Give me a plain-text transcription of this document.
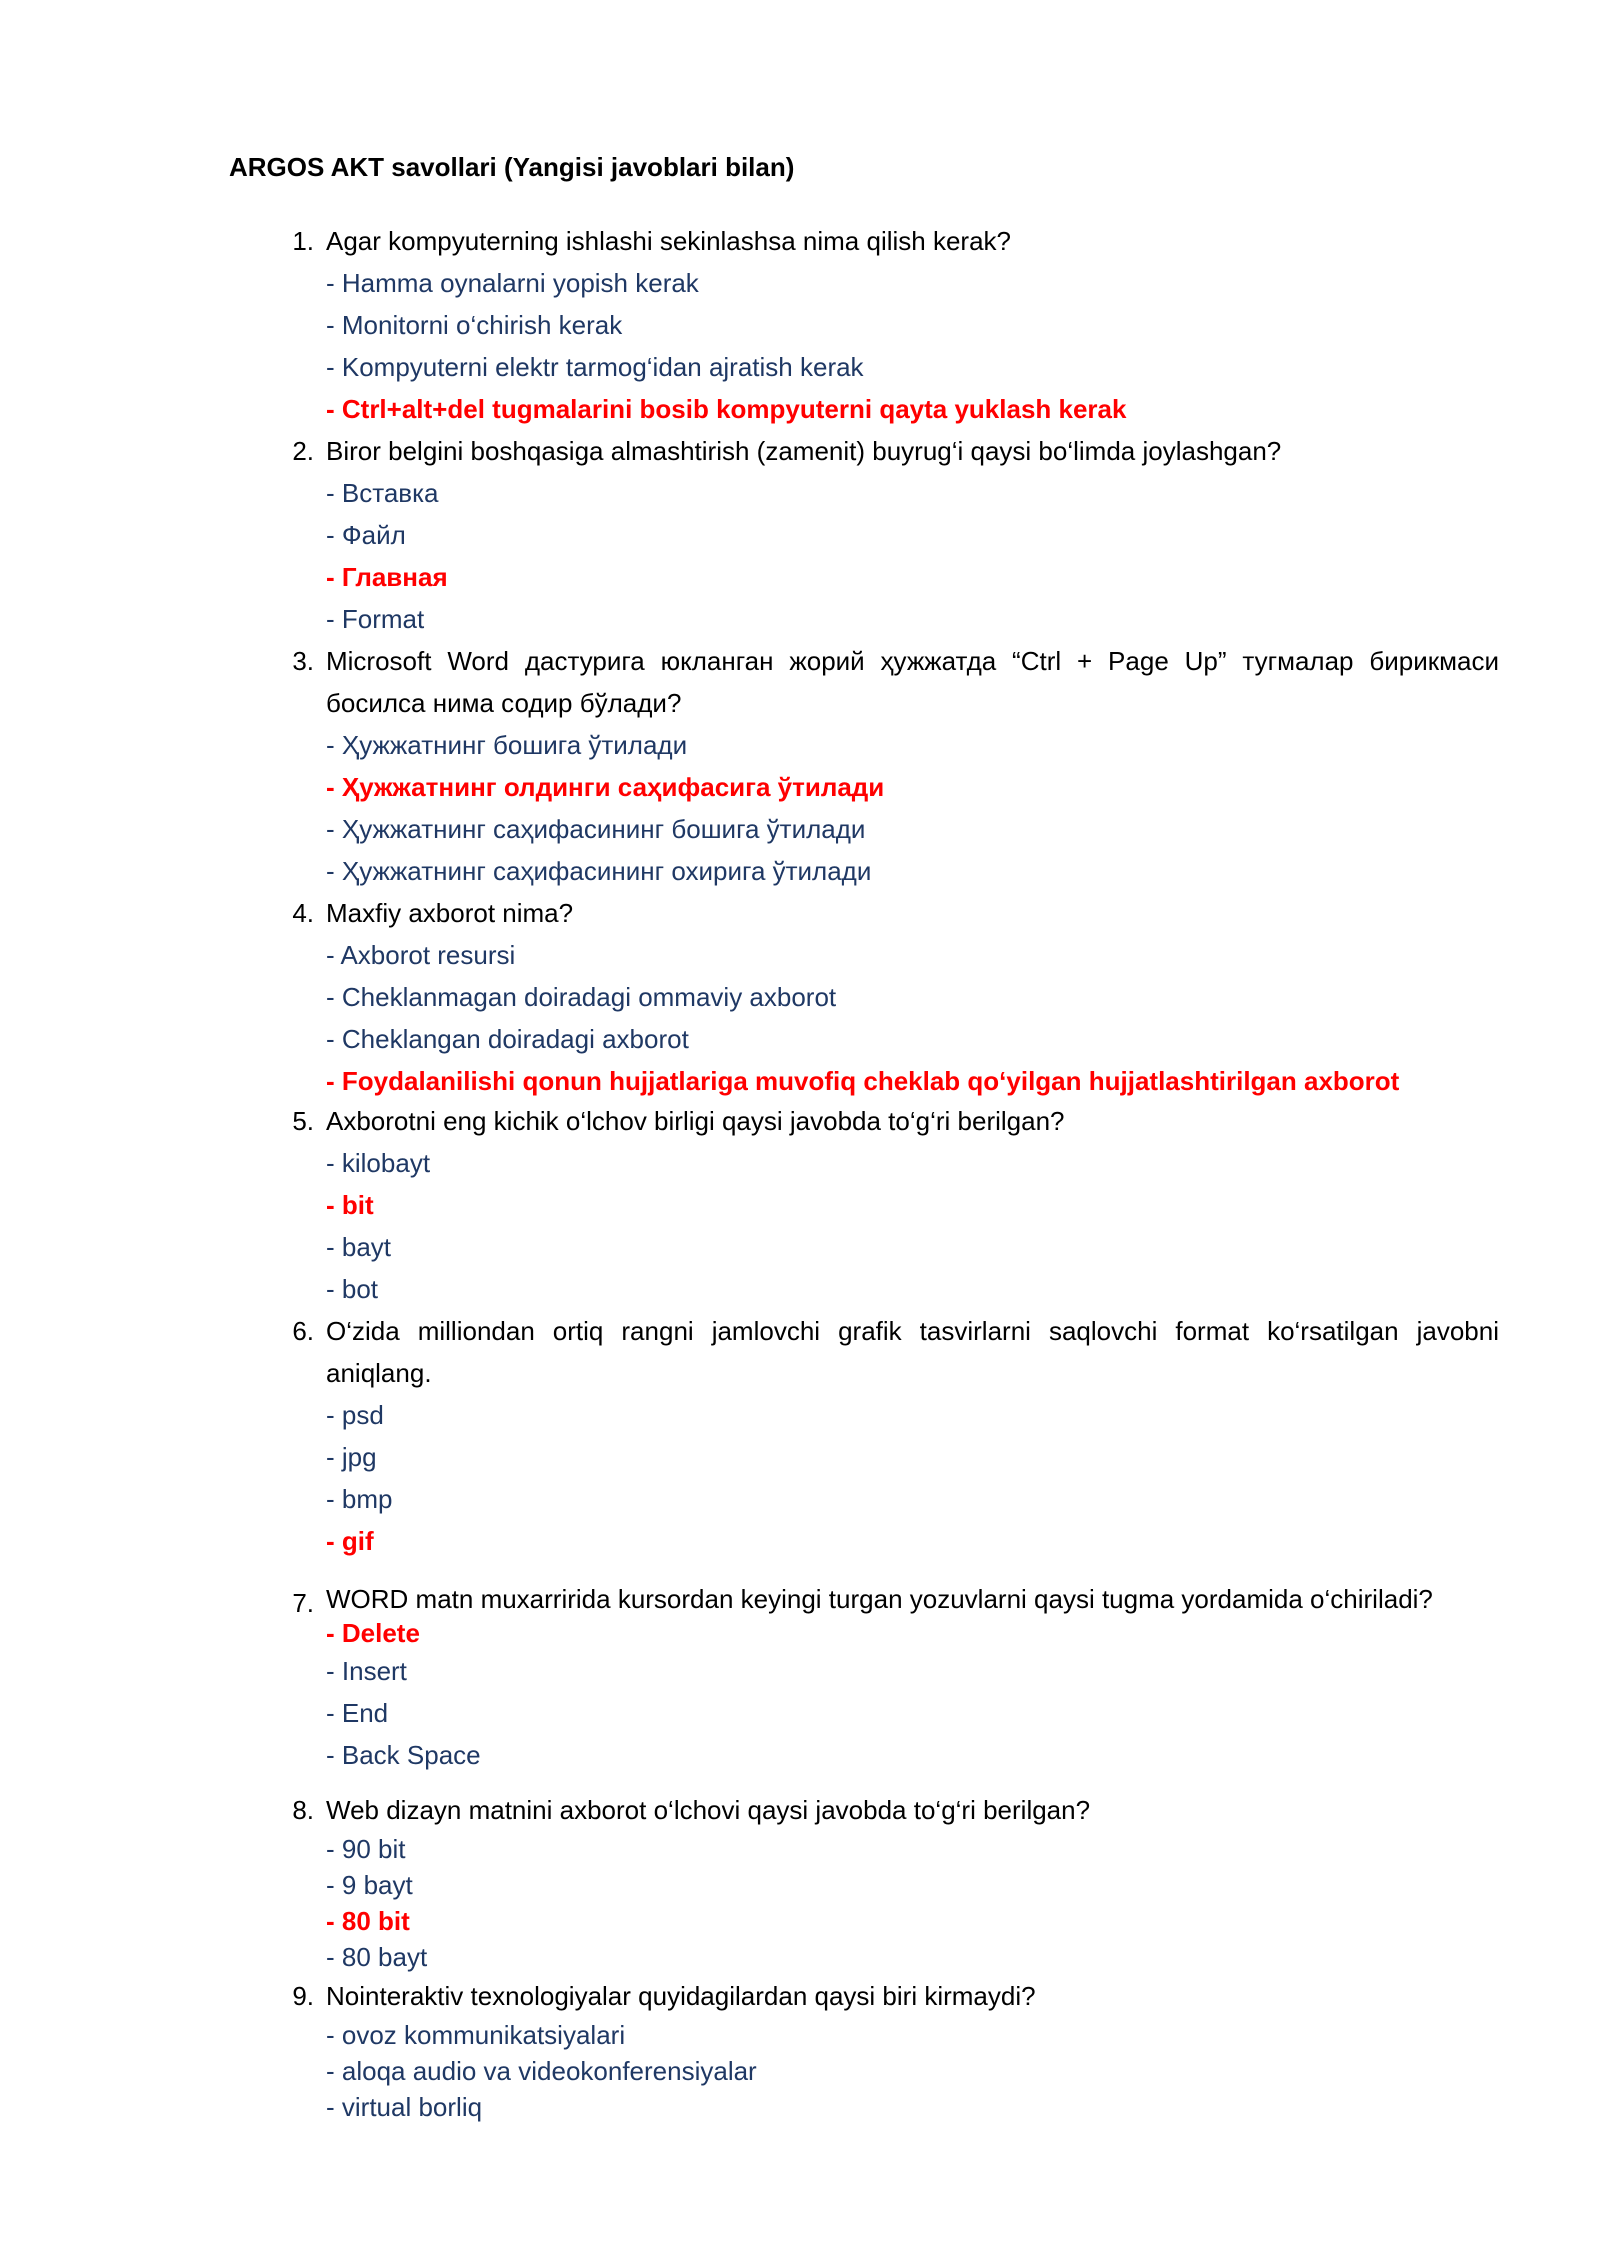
ARGOS AKT savollari (Yangisi javoblari bilan)
1. Agar kompyuterning ishlashi sekinlashsa nima qilish kerak?
- Hamma oynalarni yopish kerak
- Monitorni o‘chirish kerak
- Kompyuterni elektr tarmog‘idan ajratish kerak
- Ctrl+alt+del tugmalarini bosib kompyuterni qayta yuklash kerak
2. Biror belgini boshqasiga almashtirish (zamenit) buyrug‘i qaysi bo‘limda joylashgan?
- Вставка
- Файл
- Главная
- Format
3. Microsoft Word дастурига юкланган жорий ҳужжатда “Ctrl + Page Up” тугмалар бирикмаси босилса нима содир бўлади?
- Ҳужжатнинг бошига ўтилади
- Ҳужжатнинг олдинги саҳифасига ўтилади
- Ҳужжатнинг саҳифасининг бошига ўтилади
- Ҳужжатнинг саҳифасининг охирига ўтилади
4. Maxfiy axborot nima?
- Axborot resursi
- Cheklanmagan doiradagi ommaviy axborot
- Cheklangan doiradagi axborot
- Foydalanilishi qonun hujjatlariga muvofiq cheklab qo‘yilgan hujjatlashtirilgan axborot
5. Axborotni eng kichik o‘lchov birligi qaysi javobda to‘g‘ri berilgan?
- kilobayt
- bit
- bayt
- bot
6. O‘zida milliondan ortiq rangni jamlovchi grafik tasvirlarni saqlovchi format ko‘rsatilgan javobni aniqlang.
- psd
- jpg
- bmp
- gif
7. WORD matn muxarririda kursordan keyingi turgan yozuvlarni qaysi tugma yordamida o‘chiriladi?
- Delete
- Insert
- End
- Back Space
8. Web dizayn matnini axborot o‘lchovi qaysi javobda to‘g‘ri berilgan?
- 90 bit
- 9 bayt
- 80 bit
- 80 bayt
9. Nointeraktiv texnologiyalar quyidagilardan qaysi biri kirmaydi?
- ovoz kommunikatsiyalari
- aloqa audio va videokonferensiyalar
- virtual borliq
